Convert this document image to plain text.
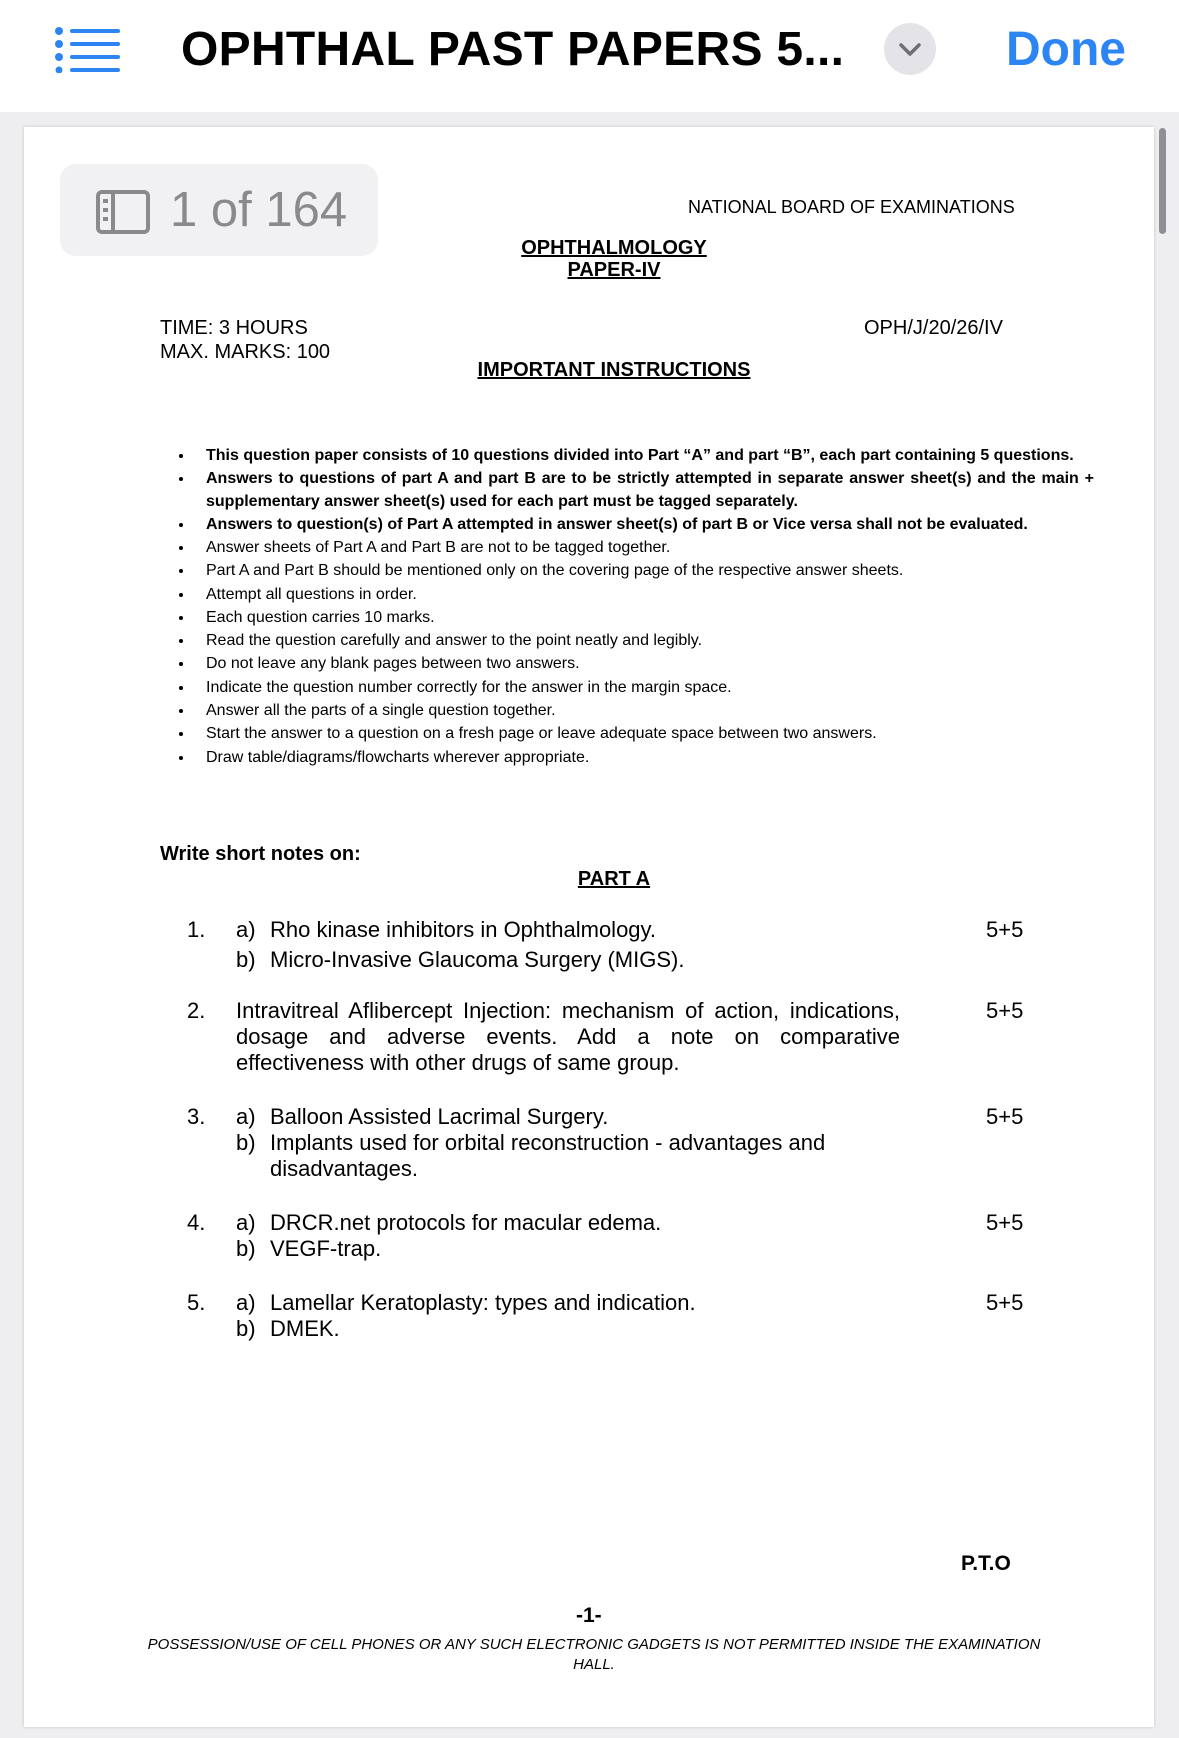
OPHTHAL PAST PAPERS 5...	Done
1 of 164	NATIONAL BOARD OF EXAMINATIONS
OPHTHALMOLOGY
PAPER-IV
TIME: 3 HOURS
MAX. MARKS: 100
OPH/J/20/26/IV
IMPORTANT INSTRUCTIONS
• This question paper consists of 10 questions divided into Part “A” and part “B”, each part containing 5 questions.
• Answers to questions of part A and part B are to be strictly attempted in separate answer sheet(s) and the main + supplementary answer sheet(s) used for each part must be tagged separately.
• Answers to question(s) of Part A attempted in answer sheet(s) of part B or Vice versa shall not be evaluated.
• Answer sheets of Part A and Part B are not to be tagged together.
• Part A and Part B should be mentioned only on the covering page of the respective answer sheets.
• Attempt all questions in order.
• Each question carries 10 marks.
• Read the question carefully and answer to the point neatly and legibly.
• Do not leave any blank pages between two answers.
• Indicate the question number correctly for the answer in the margin space.
• Answer all the parts of a single question together.
• Start the answer to a question on a fresh page or leave adequate space between two answers.
• Draw table/diagrams/flowcharts wherever appropriate.
Write short notes on:
PART A
1. a) Rho kinase inhibitors in Ophthalmology.
b) Micro-Invasive Glaucoma Surgery (MIGS).
5+5
2. Intravitreal Aflibercept Injection: mechanism of action, indications, dosage and adverse events. Add a note on comparative effectiveness with other drugs of same group.
5+5
3. a) Balloon Assisted Lacrimal Surgery.
b) Implants used for orbital reconstruction - advantages and disadvantages.
5+5
4. a) DRCR.net protocols for macular edema.
b) VEGF-trap.
5+5
5. a) Lamellar Keratoplasty: types and indication.
b) DMEK.
5+5
P.T.O
-1-
POSSESSION/USE OF CELL PHONES OR ANY SUCH ELECTRONIC GADGETS IS NOT PERMITTED INSIDE THE EXAMINATION HALL.
